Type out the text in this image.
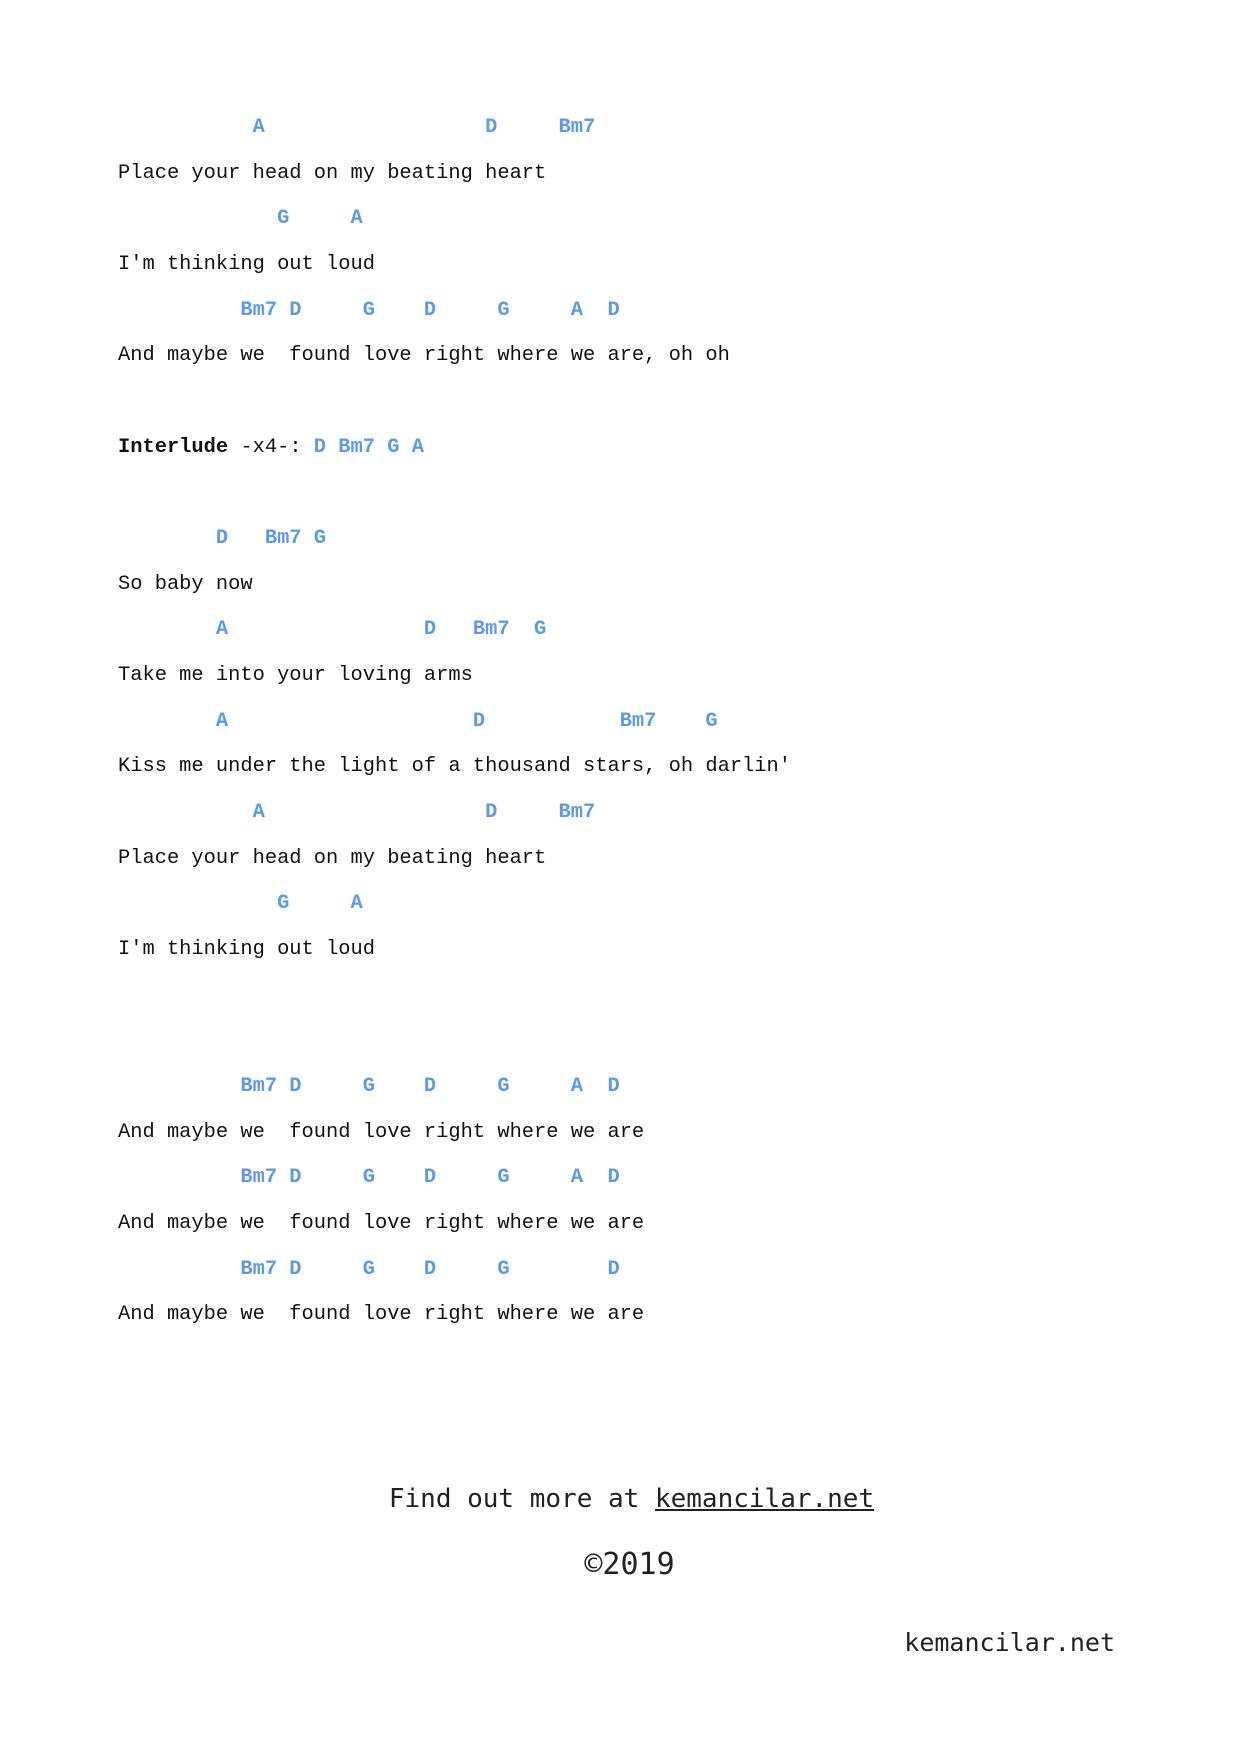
A                  D     Bm7
Place your head on my beating heart
G     A
I'm thinking out loud
Bm7 D     G    D     G     A  D
And maybe we  found love right where we are, oh oh
Interlude -x4-: D Bm7 G A
D   Bm7 G
So baby now
A                D   Bm7  G
Take me into your loving arms
A                    D           Bm7    G
Kiss me under the light of a thousand stars, oh darlin'
A                  D     Bm7
Place your head on my beating heart
G     A
I'm thinking out loud
Bm7 D     G    D     G     A  D
And maybe we  found love right where we are
Bm7 D     G    D     G     A  D
And maybe we  found love right where we are
Bm7 D     G    D     G        D
And maybe we  found love right where we are
Find out more at kemancilar.net
©2019
kemancilar.net
